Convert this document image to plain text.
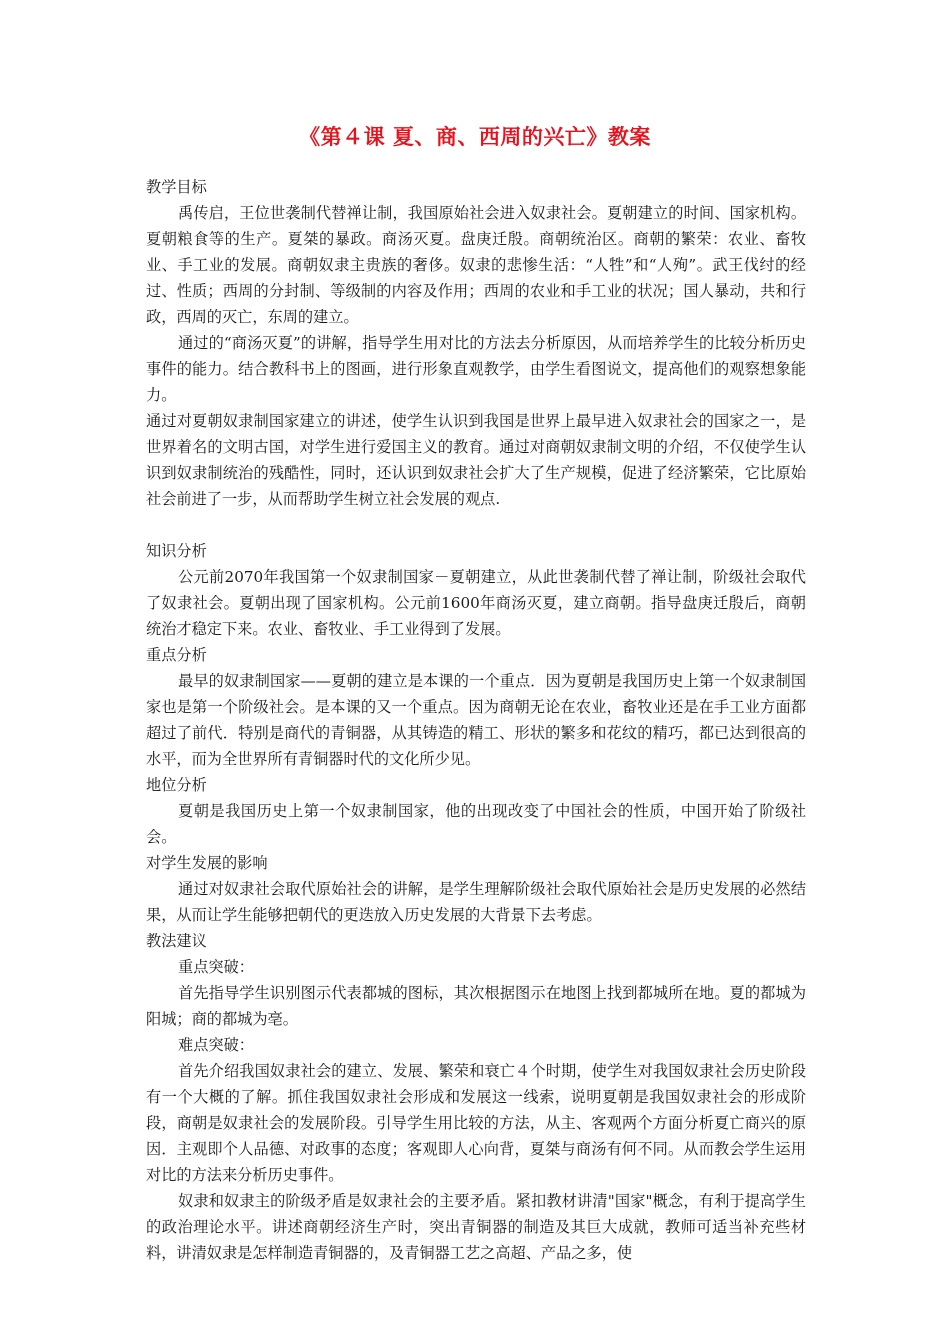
《第４课 夏、商、西周的兴亡》教案

教学目标

禹传启，王位世袭制代替禅让制，我国原始社会进入奴隶社会。夏朝建立的时间、国家机构。夏朝粮食等的生产。夏桀的暴政。商汤灭夏。盘庚迁殷。商朝统治区。商朝的繁荣：农业、畜牧业、手工业的发展。商朝奴隶主贵族的奢侈。奴隶的悲惨生活：“人牲”和“人殉”。武王伐纣的经过、性质；西周的分封制、等级制的内容及作用；西周的农业和手工业的状况；国人暴动，共和行政，西周的灭亡，东周的建立。

通过的“商汤灭夏”的讲解，指导学生用对比的方法去分析原因，从而培养学生的比较分析历史事件的能力。结合教科书上的图画，进行形象直观教学，由学生看图说文，提高他们的观察想象能力。

通过对夏朝奴隶制国家建立的讲述，使学生认识到我国是世界上最早进入奴隶社会的国家之一，是世界着名的文明古国，对学生进行爱国主义的教育。通过对商朝奴隶制文明的介绍，不仅使学生认识到奴隶制统治的残酷性，同时，还认识到奴隶社会扩大了生产规模，促进了经济繁荣，它比原始社会前进了一步，从而帮助学生树立社会发展的观点.

知识分析

公元前2070年我国第一个奴隶制国家－夏朝建立，从此世袭制代替了禅让制，阶级社会取代了奴隶社会。夏朝出现了国家机构。公元前1600年商汤灭夏，建立商朝。指导盘庚迁殷后，商朝统治才稳定下来。农业、畜牧业、手工业得到了发展。

重点分析

最早的奴隶制国家——夏朝的建立是本课的一个重点．因为夏朝是我国历史上第一个奴隶制国家也是第一个阶级社会。是本课的又一个重点。因为商朝无论在农业，畜牧业还是在手工业方面都超过了前代．特别是商代的青铜器，从其铸造的精工、形状的繁多和花纹的精巧，都已达到很高的水平，而为全世界所有青铜器时代的文化所少见。

地位分析

夏朝是我国历史上第一个奴隶制国家，他的出现改变了中国社会的性质，中国开始了阶级社会。

对学生发展的影响

通过对奴隶社会取代原始社会的讲解，是学生理解阶级社会取代原始社会是历史发展的必然结果，从而让学生能够把朝代的更迭放入历史发展的大背景下去考虑。

教法建议

重点突破：

首先指导学生识别图示代表都城的图标，其次根据图示在地图上找到都城所在地。夏的都城为阳城；商的都城为亳。

难点突破：

首先介绍我国奴隶社会的建立、发展、繁荣和衰亡４个时期，使学生对我国奴隶社会历史阶段有一个大概的了解。抓住我国奴隶社会形成和发展这一线索，说明夏朝是我国奴隶社会的形成阶段，商朝是奴隶社会的发展阶段。引导学生用比较的方法，从主、客观两个方面分析夏亡商兴的原因．主观即个人品德、对政事的态度；客观即人心向背，夏桀与商汤有何不同。从而教会学生运用对比的方法来分析历史事件。

奴隶和奴隶主的阶级矛盾是奴隶社会的主要矛盾。紧扣教材讲清"国家"概念，有利于提高学生的政治理论水平。讲述商朝经济生产时，突出青铜器的制造及其巨大成就，教师可适当补充些材料，讲清奴隶是怎样制造青铜器的，及青铜器工艺之高超、产品之多，使
